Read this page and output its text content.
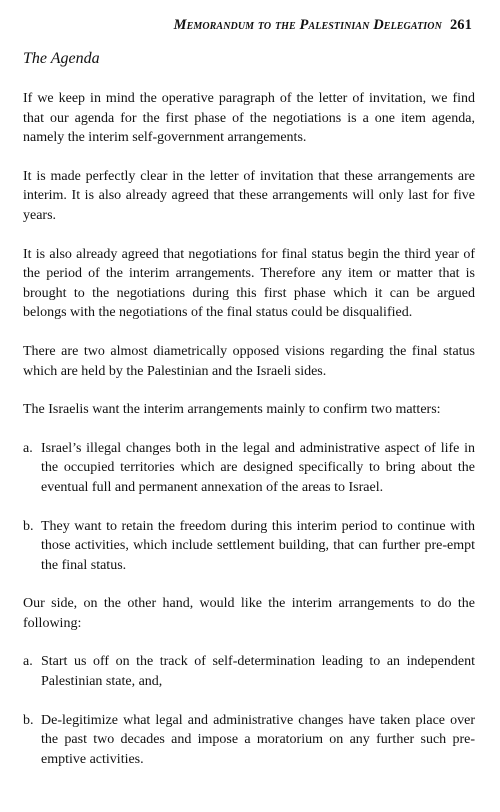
Memorandum to the Palestinian Delegation 261
The Agenda

If we keep in mind the operative paragraph of the letter of invitation, we find that our agenda for the first phase of the negotiations is a one item agenda, namely the interim self-government arrangements.

It is made perfectly clear in the letter of invitation that these arrangements are interim. It is also already agreed that these arrangements will only last for five years.

It is also already agreed that negotiations for final status begin the third year of the period of the interim arrangements. Therefore any item or matter that is brought to the negotiations during this first phase which it can be argued belongs with the negotiations of the final status could be disqualified.

There are two almost diametrically opposed visions regarding the final status which are held by the Palestinian and the Israeli sides.

The Israelis want the interim arrangements mainly to confirm two matters:

a. Israel’s illegal changes both in the legal and administrative aspect of life in the occupied territories which are designed specifically to bring about the eventual full and permanent annexation of the areas to Israel.
b. They want to retain the freedom during this interim period to continue with those activities, which include settlement building, that can further pre-empt the final status.

Our side, on the other hand, would like the interim arrangements to do the following:

a. Start us off on the track of self-determination leading to an independent Palestinian state, and,
b. De-legitimize what legal and administrative changes have taken place over the past two decades and impose a moratorium on any further such pre-emptive activities.
